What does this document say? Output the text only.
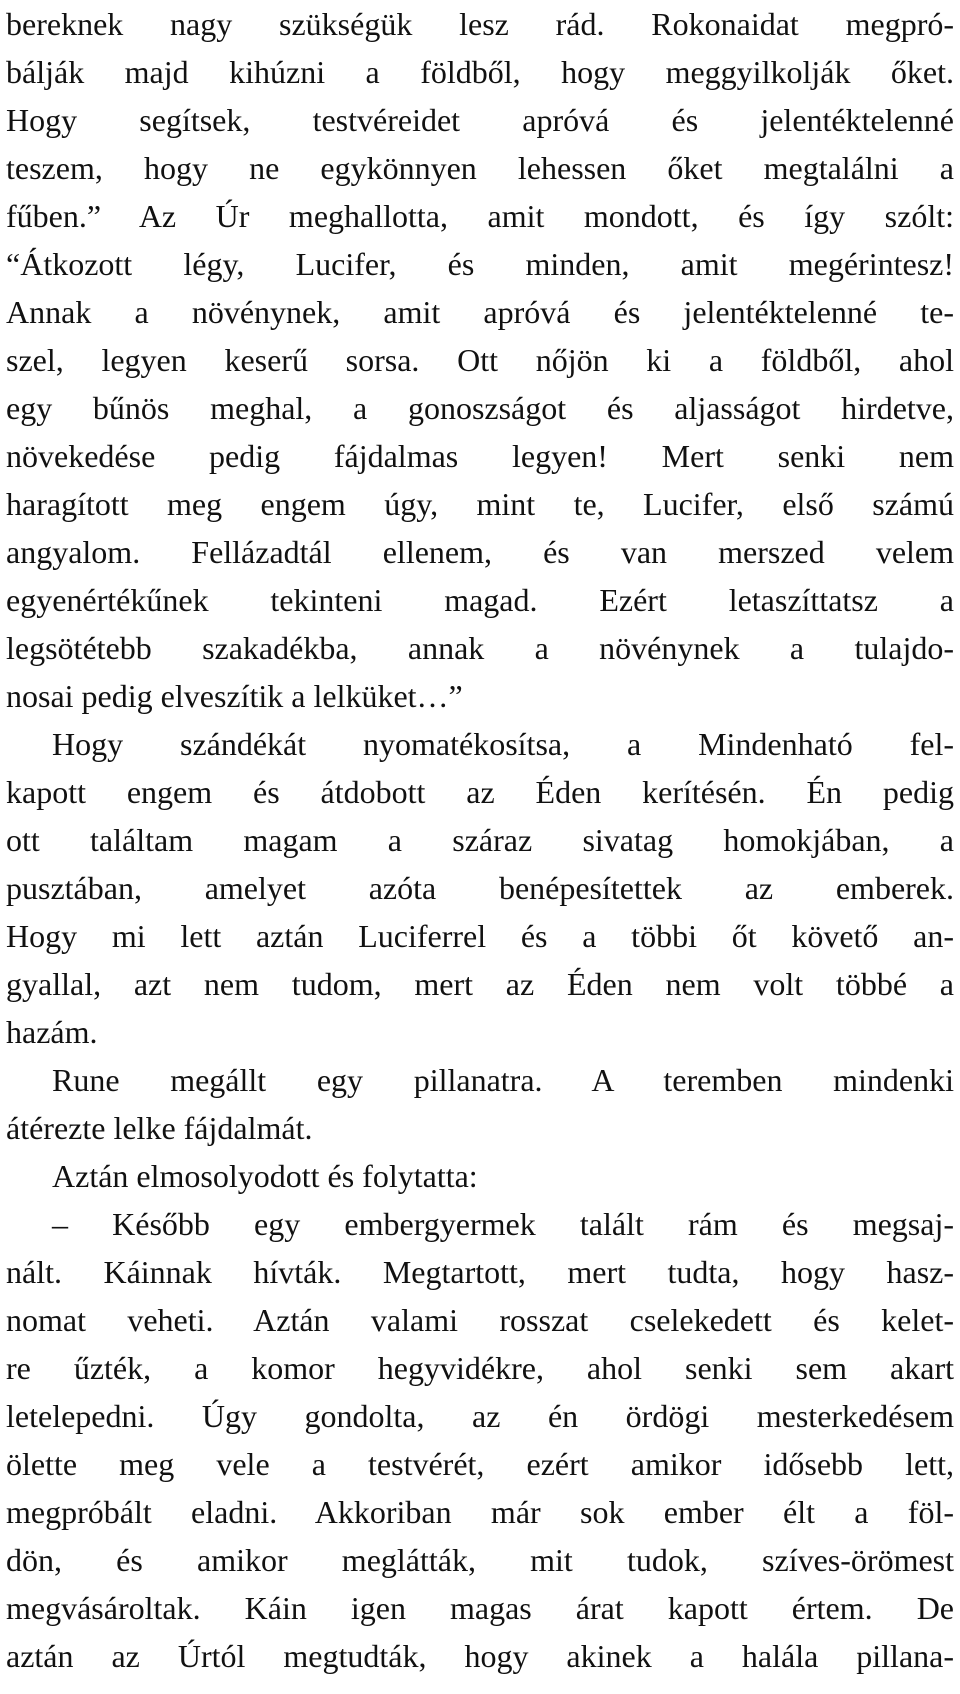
bereknek nagy szükségük lesz rád. Rokonaidat megpró-
bálják majd kihúzni a földből, hogy meggyilkolják őket.
Hogy segítsek, testvéreidet apróvá és jelentéktelenné
teszem, hogy ne egykönnyen lehessen őket megtalálni a
fűben.” Az Úr meghallotta, amit mondott, és így szólt:
“Átkozott légy, Lucifer, és minden, amit megérintesz!
Annak a növénynek, amit apróvá és jelentéktelenné te-
szel, legyen keserű sorsa. Ott nőjön ki a földből, ahol
egy bűnös meghal, a gonoszságot és aljasságot hirdetve,
növekedése pedig fájdalmas legyen! Mert senki nem
haragított meg engem úgy, mint te, Lucifer, első számú
angyalom. Fellázadtál ellenem, és van merszed velem
egyenértékűnek tekinteni magad. Ezért letaszíttatsz a
legsötétebb szakadékba, annak a növénynek a tulajdo-
nosai pedig elveszítik a lelküket…”
Hogy szándékát nyomatékosítsa, a Mindenható fel-
kapott engem és átdobott az Éden kerítésén. Én pedig
ott találtam magam a száraz sivatag homokjában, a
pusztában, amelyet azóta benépesítettek az emberek.
Hogy mi lett aztán Luciferrel és a többi őt követő an-
gyallal, azt nem tudom, mert az Éden nem volt többé a
hazám.
Rune megállt egy pillanatra. A teremben mindenki
átérezte lelke fájdalmát.
Aztán elmosolyodott és folytatta:
– Később egy embergyermek talált rám és megsaj-
nált. Káinnak hívták. Megtartott, mert tudta, hogy hasz-
nomat veheti. Aztán valami rosszat cselekedett és kelet-
re űzték, a komor hegyvidékre, ahol senki sem akart
letelepedni. Úgy gondolta, az én ördögi mesterkedésem
ölette meg vele a testvérét, ezért amikor idősebb lett,
megpróbált eladni. Akkoriban már sok ember élt a föl-
dön, és amikor meglátták, mit tudok, szíves-örömest
megvásároltak. Káin igen magas árat kapott értem. De
aztán az Úrtól megtudták, hogy akinek a halála pillana-
